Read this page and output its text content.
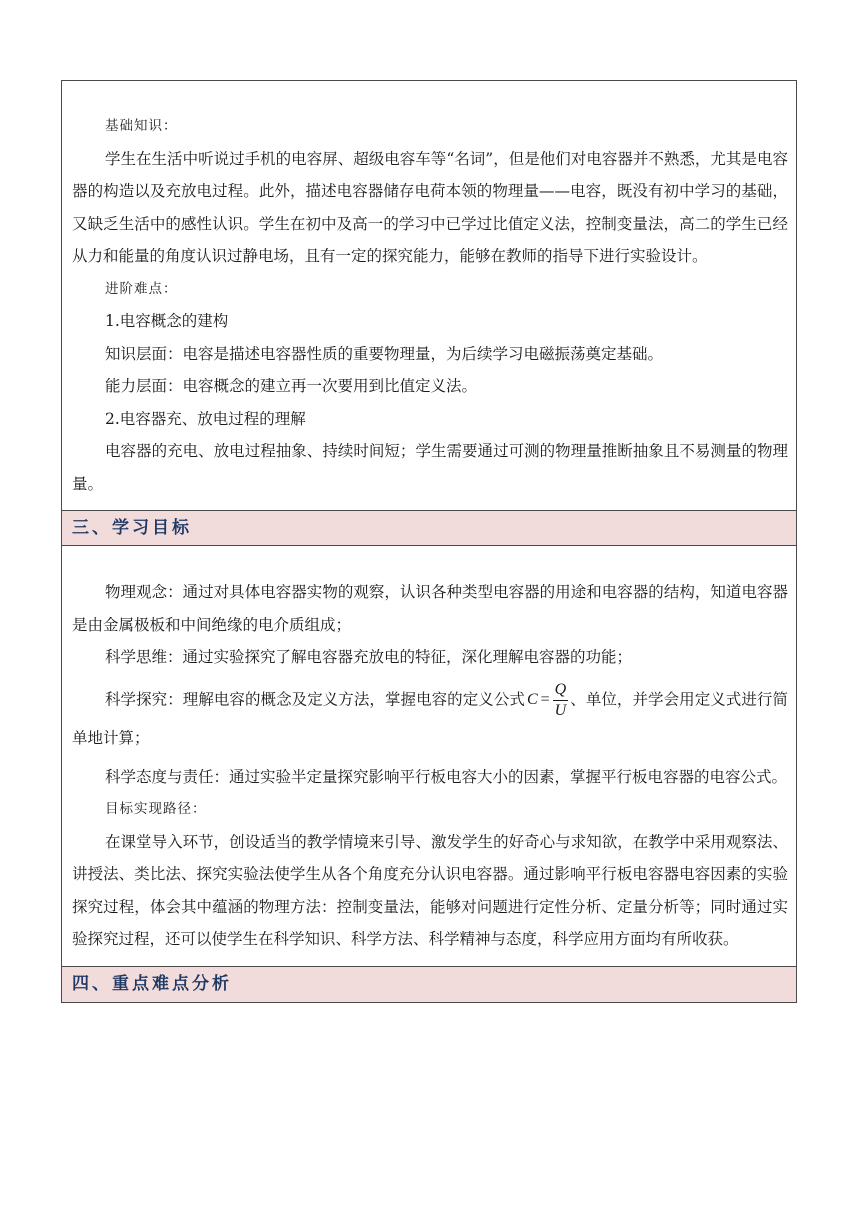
基础知识：

学生在生活中听说过手机的电容屏、超级电容车等“名词”，但是他们对电容器并不熟悉，尤其是电容器的构造以及充放电过程。此外，描述电容器储存电荷本领的物理量——电容，既没有初中学习的基础，又缺乏生活中的感性认识。学生在初中及高一的学习中已学过比值定义法，控制变量法，高二的学生已经从力和能量的角度认识过静电场，且有一定的探究能力，能够在教师的指导下进行实验设计。

进阶难点：

1.电容概念的建构

知识层面：电容是描述电容器性质的重要物理量，为后续学习电磁振荡奠定基础。

能力层面：电容概念的建立再一次要用到比值定义法。

2.电容器充、放电过程的理解

电容器的充电、放电过程抽象、持续时间短；学生需要通过可测的物理量推断抽象且不易测量的物理量。

三、学习目标

物理观念：通过对具体电容器实物的观察，认识各种类型电容器的用途和电容器的结构，知道电容器是由金属极板和中间绝缘的电介质组成；

科学思维：通过实验探究了解电容器充放电的特征，深化理解电容器的功能；

科学探究：理解电容的概念及定义方法，掌握电容的定义公式 $C = \frac{Q}{U}$ 、单位，并学会用定义式进行简单地计算；

科学态度与责任：通过实验半定量探究影响平行板电容大小的因素，掌握平行板电容器的电容公式。

目标实现路径：

在课堂导入环节，创设适当的教学情境来引导、激发学生的好奇心与求知欲，在教学中采用观察法、讲授法、类比法、探究实验法使学生从各个角度充分认识电容器。通过影响平行板电容器电容因素的实验探究过程，体会其中蕴涵的物理方法：控制变量法，能够对问题进行定性分析、定量分析等；同时通过实验探究过程，还可以使学生在科学知识、科学方法、科学精神与态度，科学应用方面均有所收获。

四、重点难点分析
